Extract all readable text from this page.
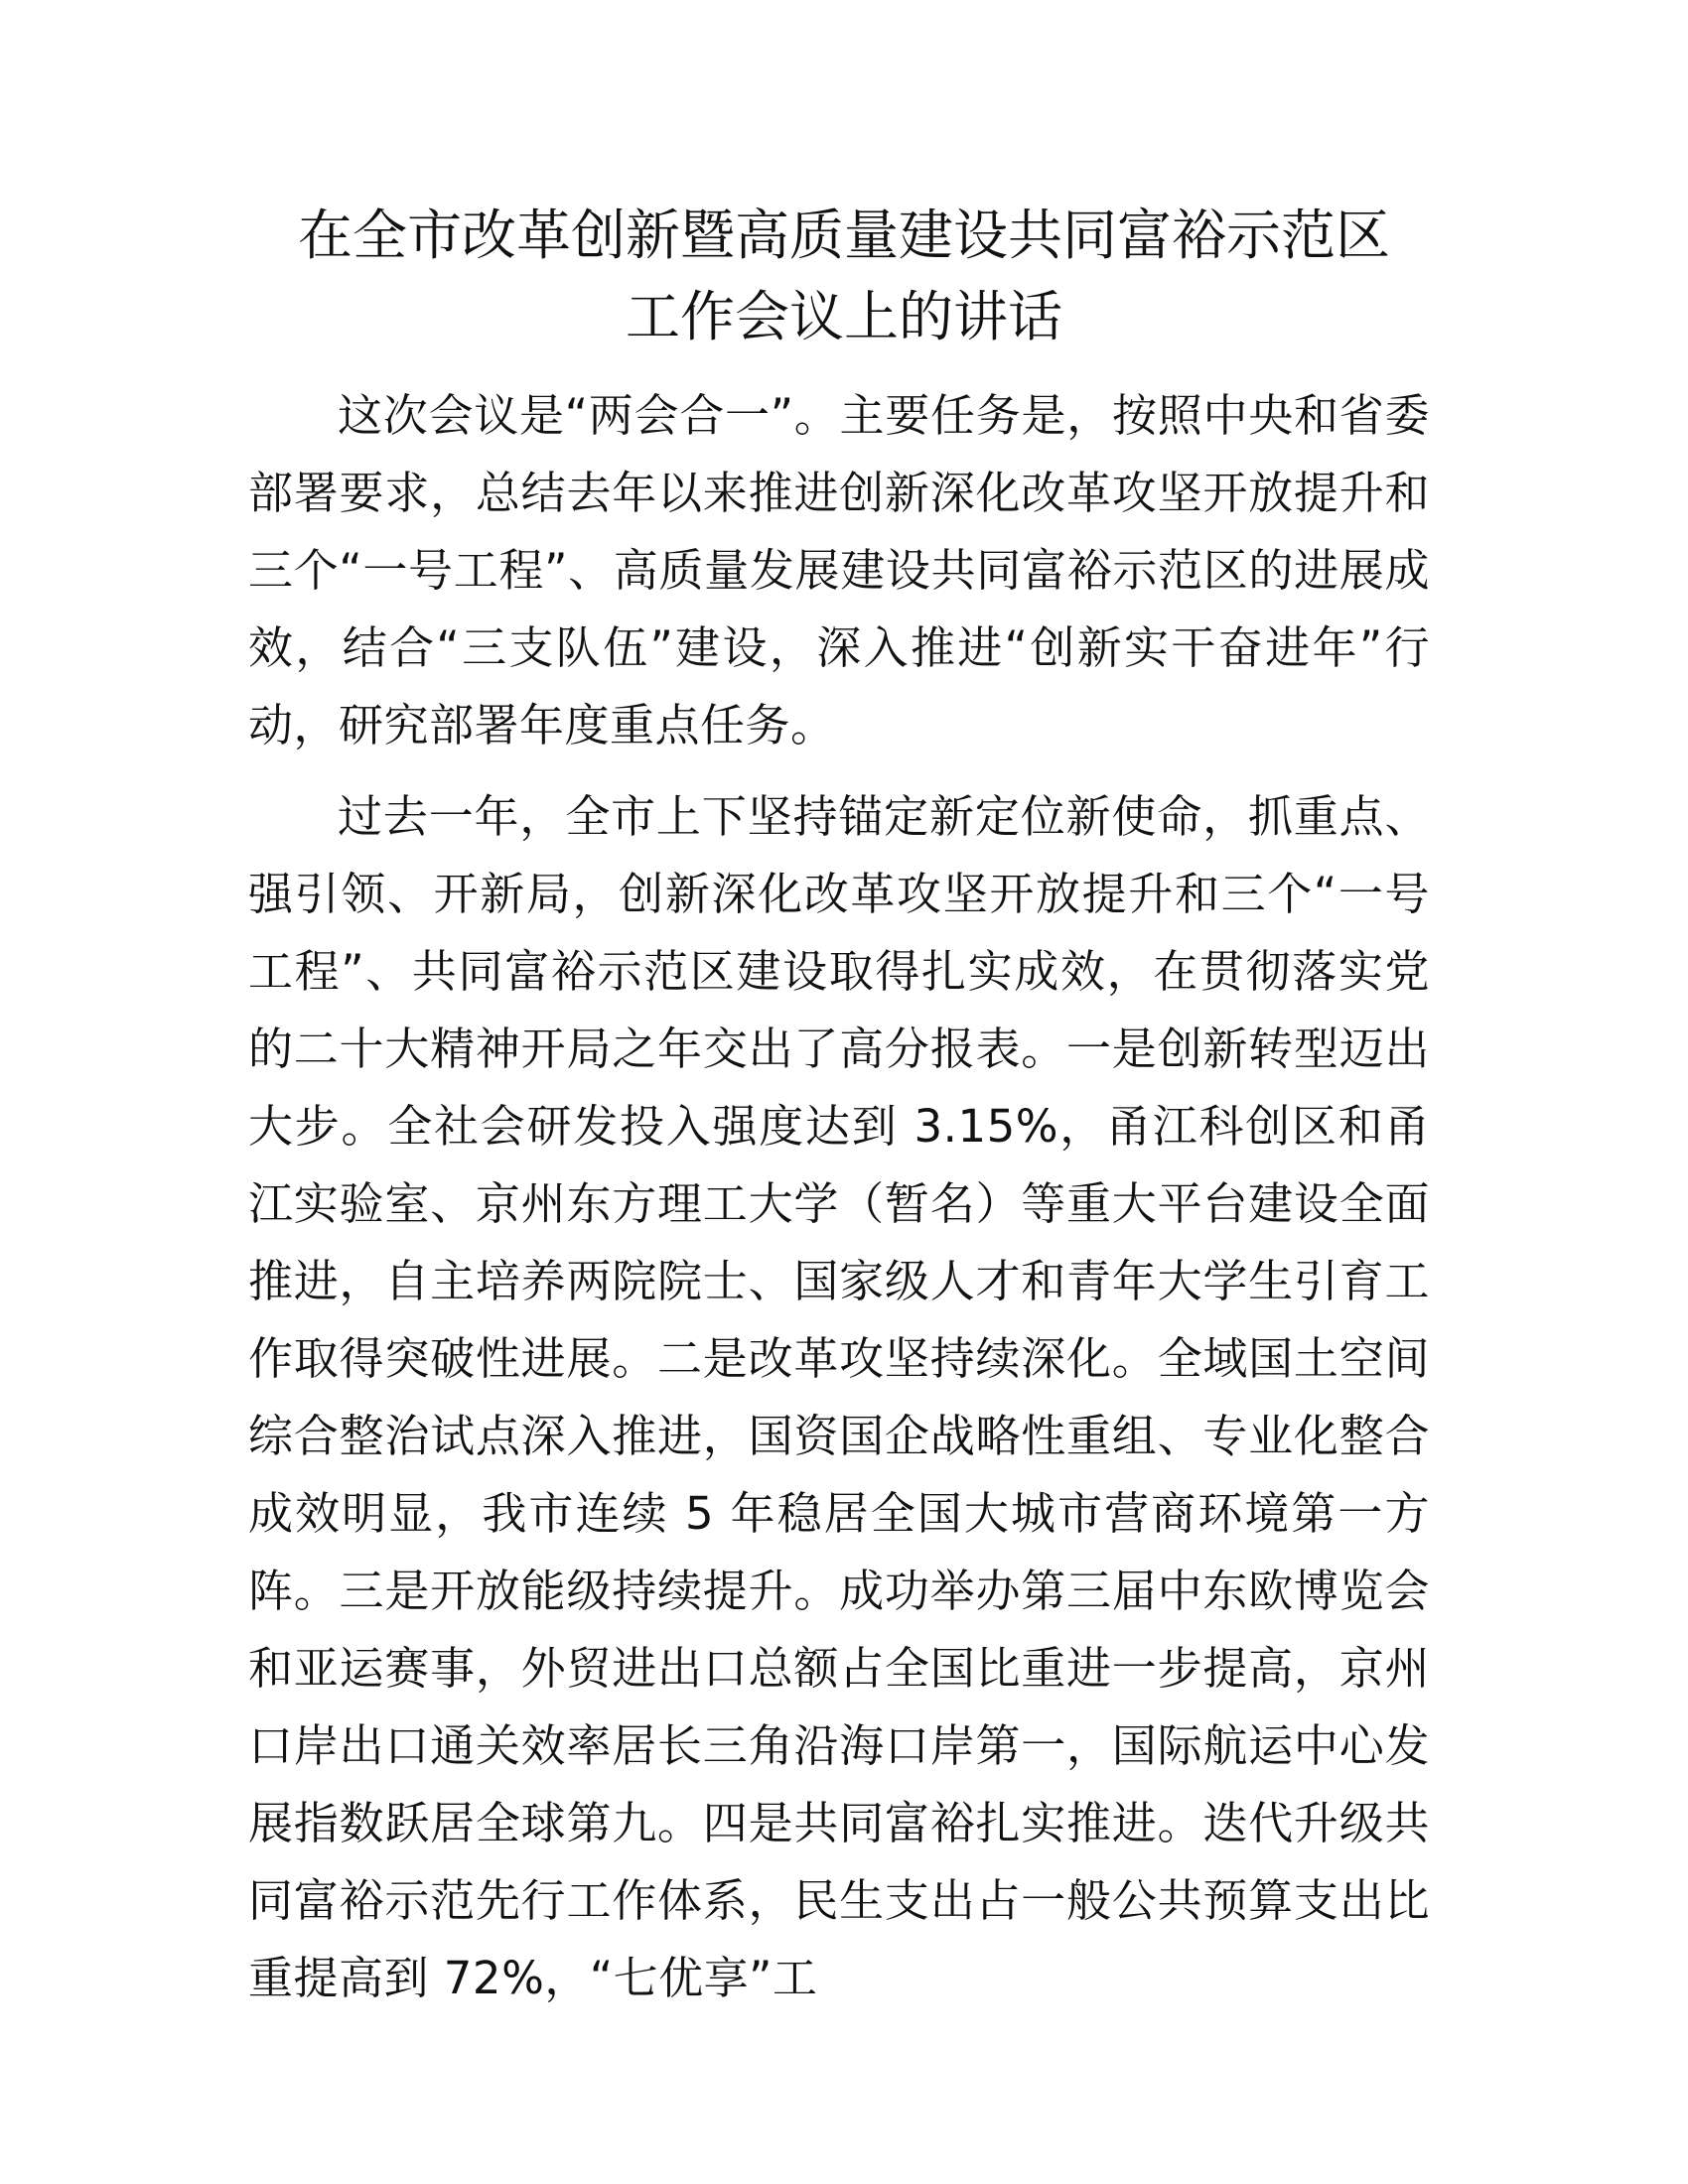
在全市改革创新暨高质量建设共同富裕示范区
工作会议上的讲话

这次会议是“两会合一”。主要任务是，按照中央和省委部署要求，总结去年以来推进创新深化改革攻坚开放提升和三个“一号工程”、高质量发展建设共同富裕示范区的进展成效，结合“三支队伍”建设，深入推进“创新实干奋进年”行动，研究部署年度重点任务。

过去一年，全市上下坚持锚定新定位新使命，抓重点、强引领、开新局，创新深化改革攻坚开放提升和三个“一号工程”、共同富裕示范区建设取得扎实成效，在贯彻落实党的二十大精神开局之年交出了高分报表。一是创新转型迈出大步。全社会研发投入强度达到 3.15%，甬江科创区和甬江实验室、京州东方理工大学（暂名）等重大平台建设全面推进，自主培养两院院士、国家级人才和青年大学生引育工作取得突破性进展。二是改革攻坚持续深化。全域国土空间综合整治试点深入推进，国资国企战略性重组、专业化整合成效明显，我市连续 5 年稳居全国大城市营商环境第一方阵。三是开放能级持续提升。成功举办第三届中东欧博览会和亚运赛事，外贸进出口总额占全国比重进一步提高，京州口岸出口通关效率居长三角沿海口岸第一，国际航运中心发展指数跃居全球第九。四是共同富裕扎实推进。迭代升级共同富裕示范先行工作体系，民生支出占一般公共预算支出比重提高到 72%，“七优享”工
